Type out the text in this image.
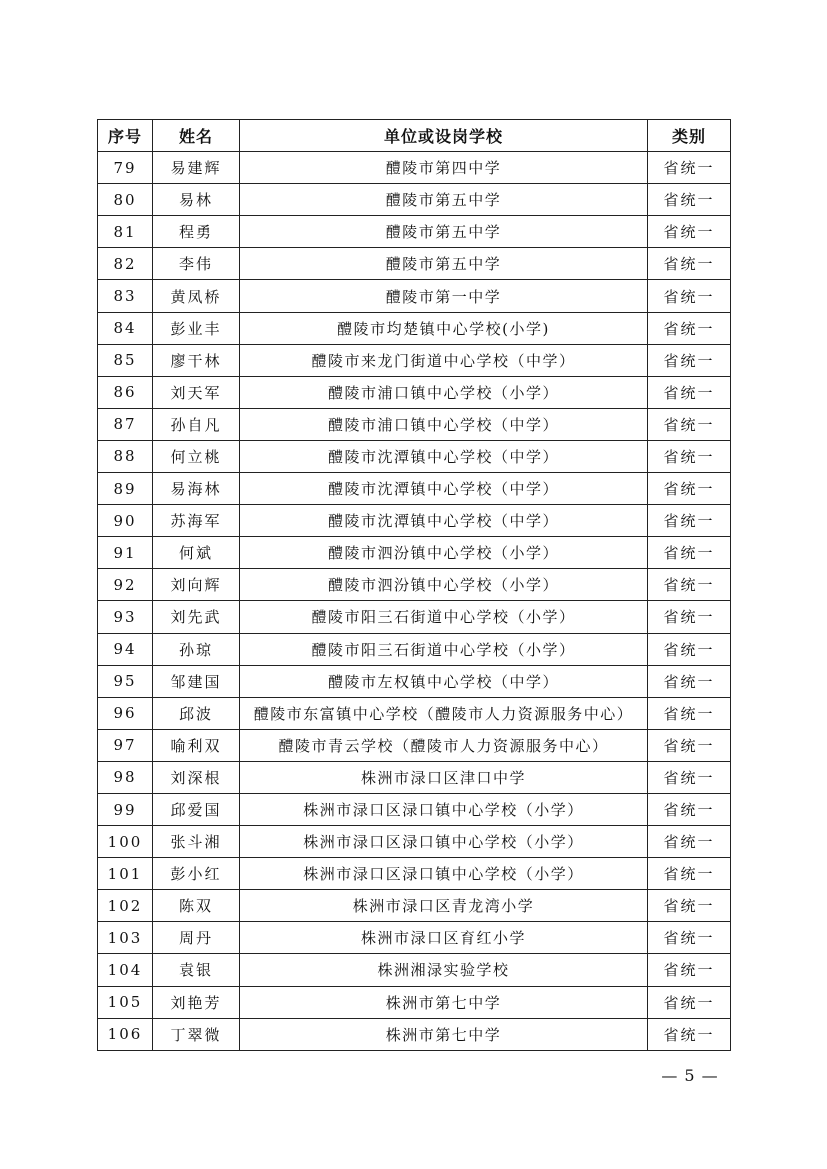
序号	姓名	单位或设岗学校	类别
79	易建辉	醴陵市第四中学	省统一
80	易林	醴陵市第五中学	省统一
81	程勇	醴陵市第五中学	省统一
82	李伟	醴陵市第五中学	省统一
83	黄凤桥	醴陵市第一中学	省统一
84	彭业丰	醴陵市均楚镇中心学校(小学)	省统一
85	廖干林	醴陵市来龙门街道中心学校（中学）	省统一
86	刘天军	醴陵市浦口镇中心学校（小学）	省统一
87	孙自凡	醴陵市浦口镇中心学校（中学）	省统一
88	何立桃	醴陵市沈潭镇中心学校（中学）	省统一
89	易海林	醴陵市沈潭镇中心学校（中学）	省统一
90	苏海军	醴陵市沈潭镇中心学校（中学）	省统一
91	何斌	醴陵市泗汾镇中心学校（小学）	省统一
92	刘向辉	醴陵市泗汾镇中心学校（小学）	省统一
93	刘先武	醴陵市阳三石街道中心学校（小学）	省统一
94	孙琼	醴陵市阳三石街道中心学校（小学）	省统一
95	邹建国	醴陵市左权镇中心学校（中学）	省统一
96	邱波	醴陵市东富镇中心学校（醴陵市人力资源服务中心）	省统一
97	喻利双	醴陵市青云学校（醴陵市人力资源服务中心）	省统一
98	刘深根	株洲市渌口区津口中学	省统一
99	邱爱国	株洲市渌口区渌口镇中心学校（小学）	省统一
100	张斗湘	株洲市渌口区渌口镇中心学校（小学）	省统一
101	彭小红	株洲市渌口区渌口镇中心学校（小学）	省统一
102	陈双	株洲市渌口区青龙湾小学	省统一
103	周丹	株洲市渌口区育红小学	省统一
104	袁银	株洲湘渌实验学校	省统一
105	刘艳芳	株洲市第七中学	省统一
106	丁翠微	株洲市第七中学	省统一
— 5 —
